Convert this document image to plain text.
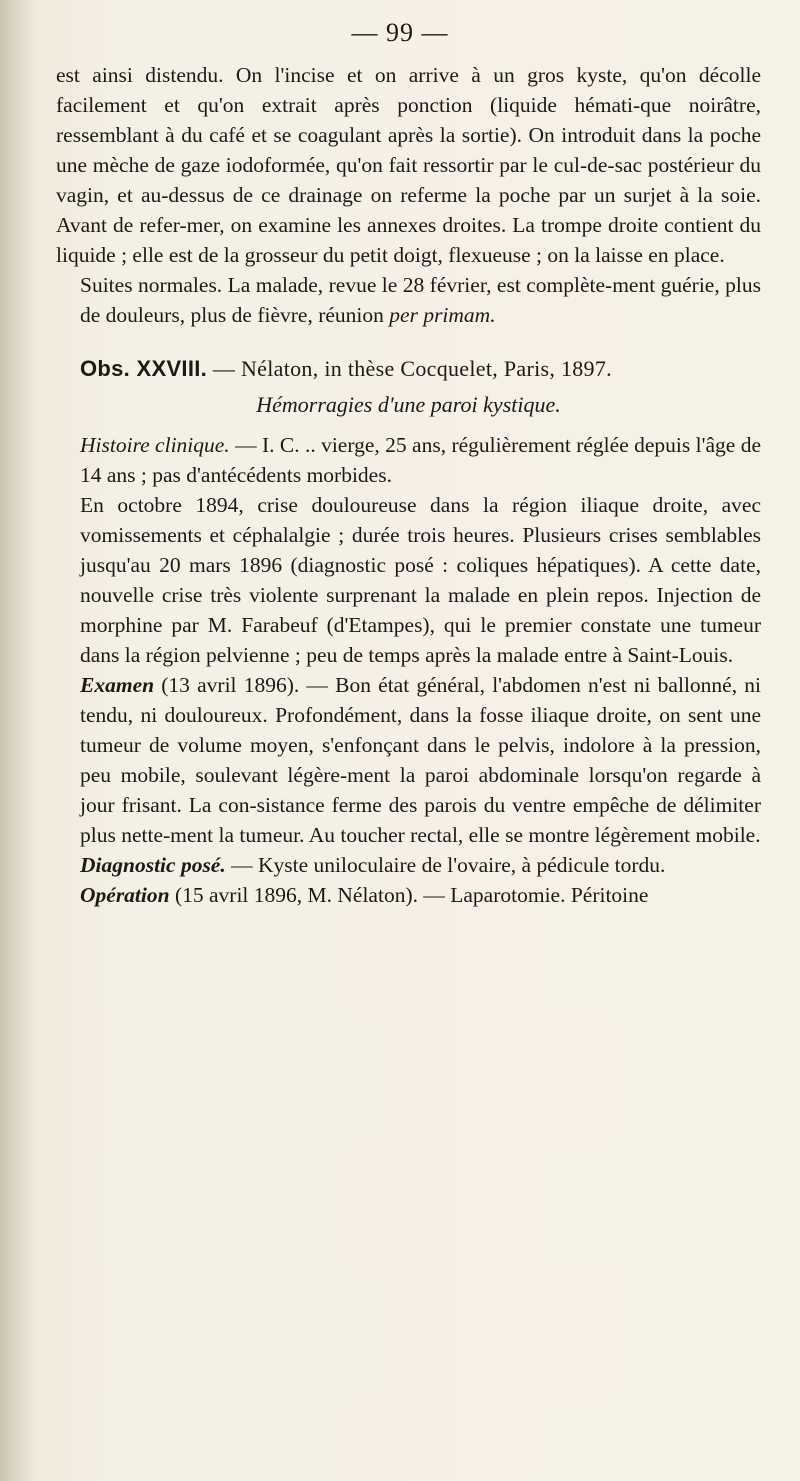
— 99 —

est ainsi distendu. On l'incise et on arrive à un gros kyste, qu'on décolle facilement et qu'on extrait après ponction (liquide hémati-que noirâtre, ressemblant à du café et se coagulant après la sortie). On introduit dans la poche une mèche de gaze iodoformée, qu'on fait ressortir par le cul-de-sac postérieur du vagin, et au-dessus de ce drainage on referme la poche par un surjet à la soie. Avant de refer-mer, on examine les annexes droites. La trompe droite contient du liquide ; elle est de la grosseur du petit doigt, flexueuse ; on la laisse en place.

Suites normales. La malade, revue le 28 février, est complète-ment guérie, plus de douleurs, plus de fièvre, réunion per primam.

Obs. XXVIII. — Nélaton, in thèse Cocquelet, Paris, 1897.

Hémorragies d'une paroi kystique.

Histoire clinique. — I. C. .. vierge, 25 ans, régulièrement réglée depuis l'âge de 14 ans ; pas d'antécédents morbides.

En octobre 1894, crise douloureuse dans la région iliaque droite, avec vomissements et céphalalgie ; durée trois heures. Plusieurs crises semblables jusqu'au 20 mars 1896 (diagnostic posé : coliques hépatiques). A cette date, nouvelle crise très violente surprenant la malade en plein repos. Injection de morphine par M. Farabeuf (d'Etampes), qui le premier constate une tumeur dans la région pelvienne ; peu de temps après la malade entre à Saint-Louis.

Examen (13 avril 1896). — Bon état général, l'abdomen n'est ni ballonné, ni tendu, ni douloureux. Profondément, dans la fosse iliaque droite, on sent une tumeur de volume moyen, s'enfonçant dans le pelvis, indolore à la pression, peu mobile, soulevant légère-ment la paroi abdominale lorsqu'on regarde à jour frisant. La con-sistance ferme des parois du ventre empêche de délimiter plus nette-ment la tumeur. Au toucher rectal, elle se montre légèrement mobile.

Diagnostic posé. — Kyste uniloculaire de l'ovaire, à pédicule tordu.

Opération (15 avril 1896, M. Nélaton). — Laparotomie. Péritoine
